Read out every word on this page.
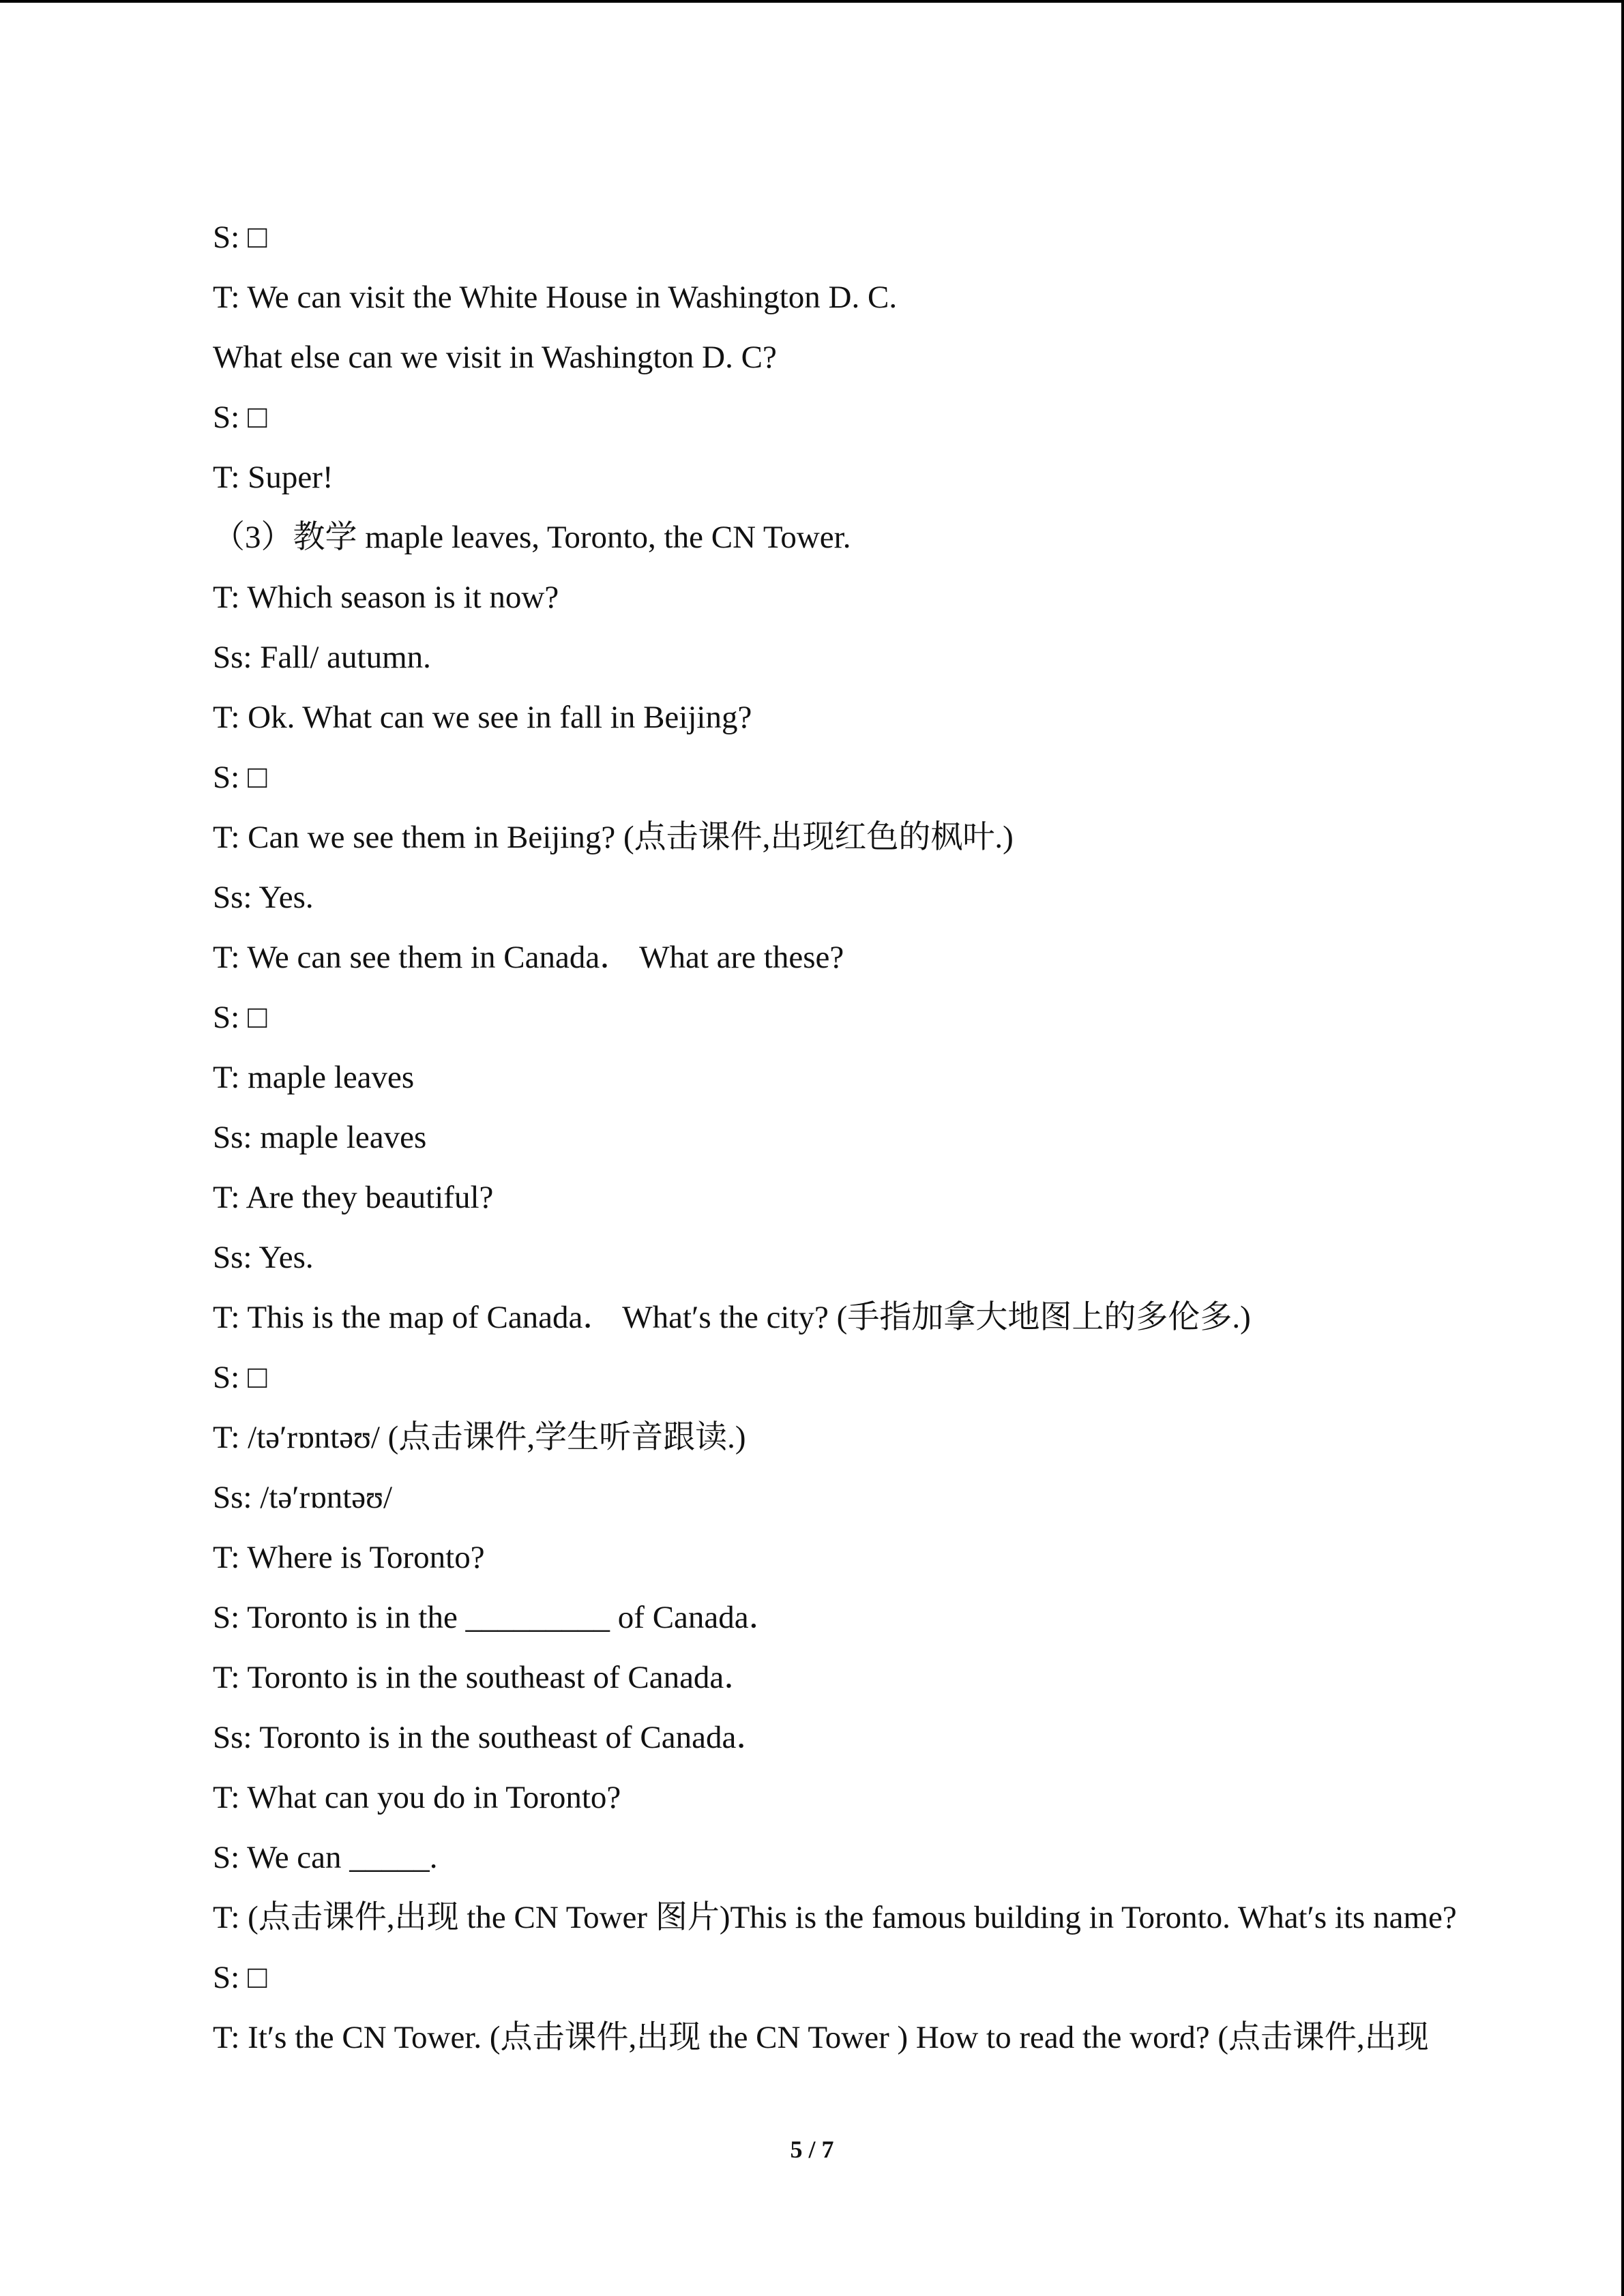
S: □
T: We can visit the White House in Washington D. C.
What else can we visit in Washington D. C?
S: □
T: Super!
（3）教学 maple leaves, Toronto, the CN Tower.
T: Which season is it now?
Ss: Fall/ autumn.
T: Ok. What can we see in fall in Beijing?
S: □
T: Can we see them in Beijing? (点击课件,出现红色的枫叶.)
Ss: Yes.
T: We can see them in Canada． What are these?
S: □
T: maple leaves
Ss: maple leaves
T: Are they beautiful?
Ss: Yes.
T: This is the map of Canada． What′s the city? (手指加拿大地图上的多伦多.)
S: □
T: /tə′rɒntəʊ/ (点击课件,学生听音跟读.)
Ss: /tə′rɒntəʊ/
T: Where is Toronto?
S: Toronto is in the _________ of Canada．
T: Toronto is in the southeast of Canada．
Ss: Toronto is in the southeast of Canada．
T: What can you do in Toronto?
S: We can _____.
T: (点击课件,出现 the CN Tower 图片)This is the famous building in Toronto. What′s its name?
S: □
T: It′s the CN Tower. (点击课件,出现 the CN Tower ) How to read the word? (点击课件,出现
5 / 7
